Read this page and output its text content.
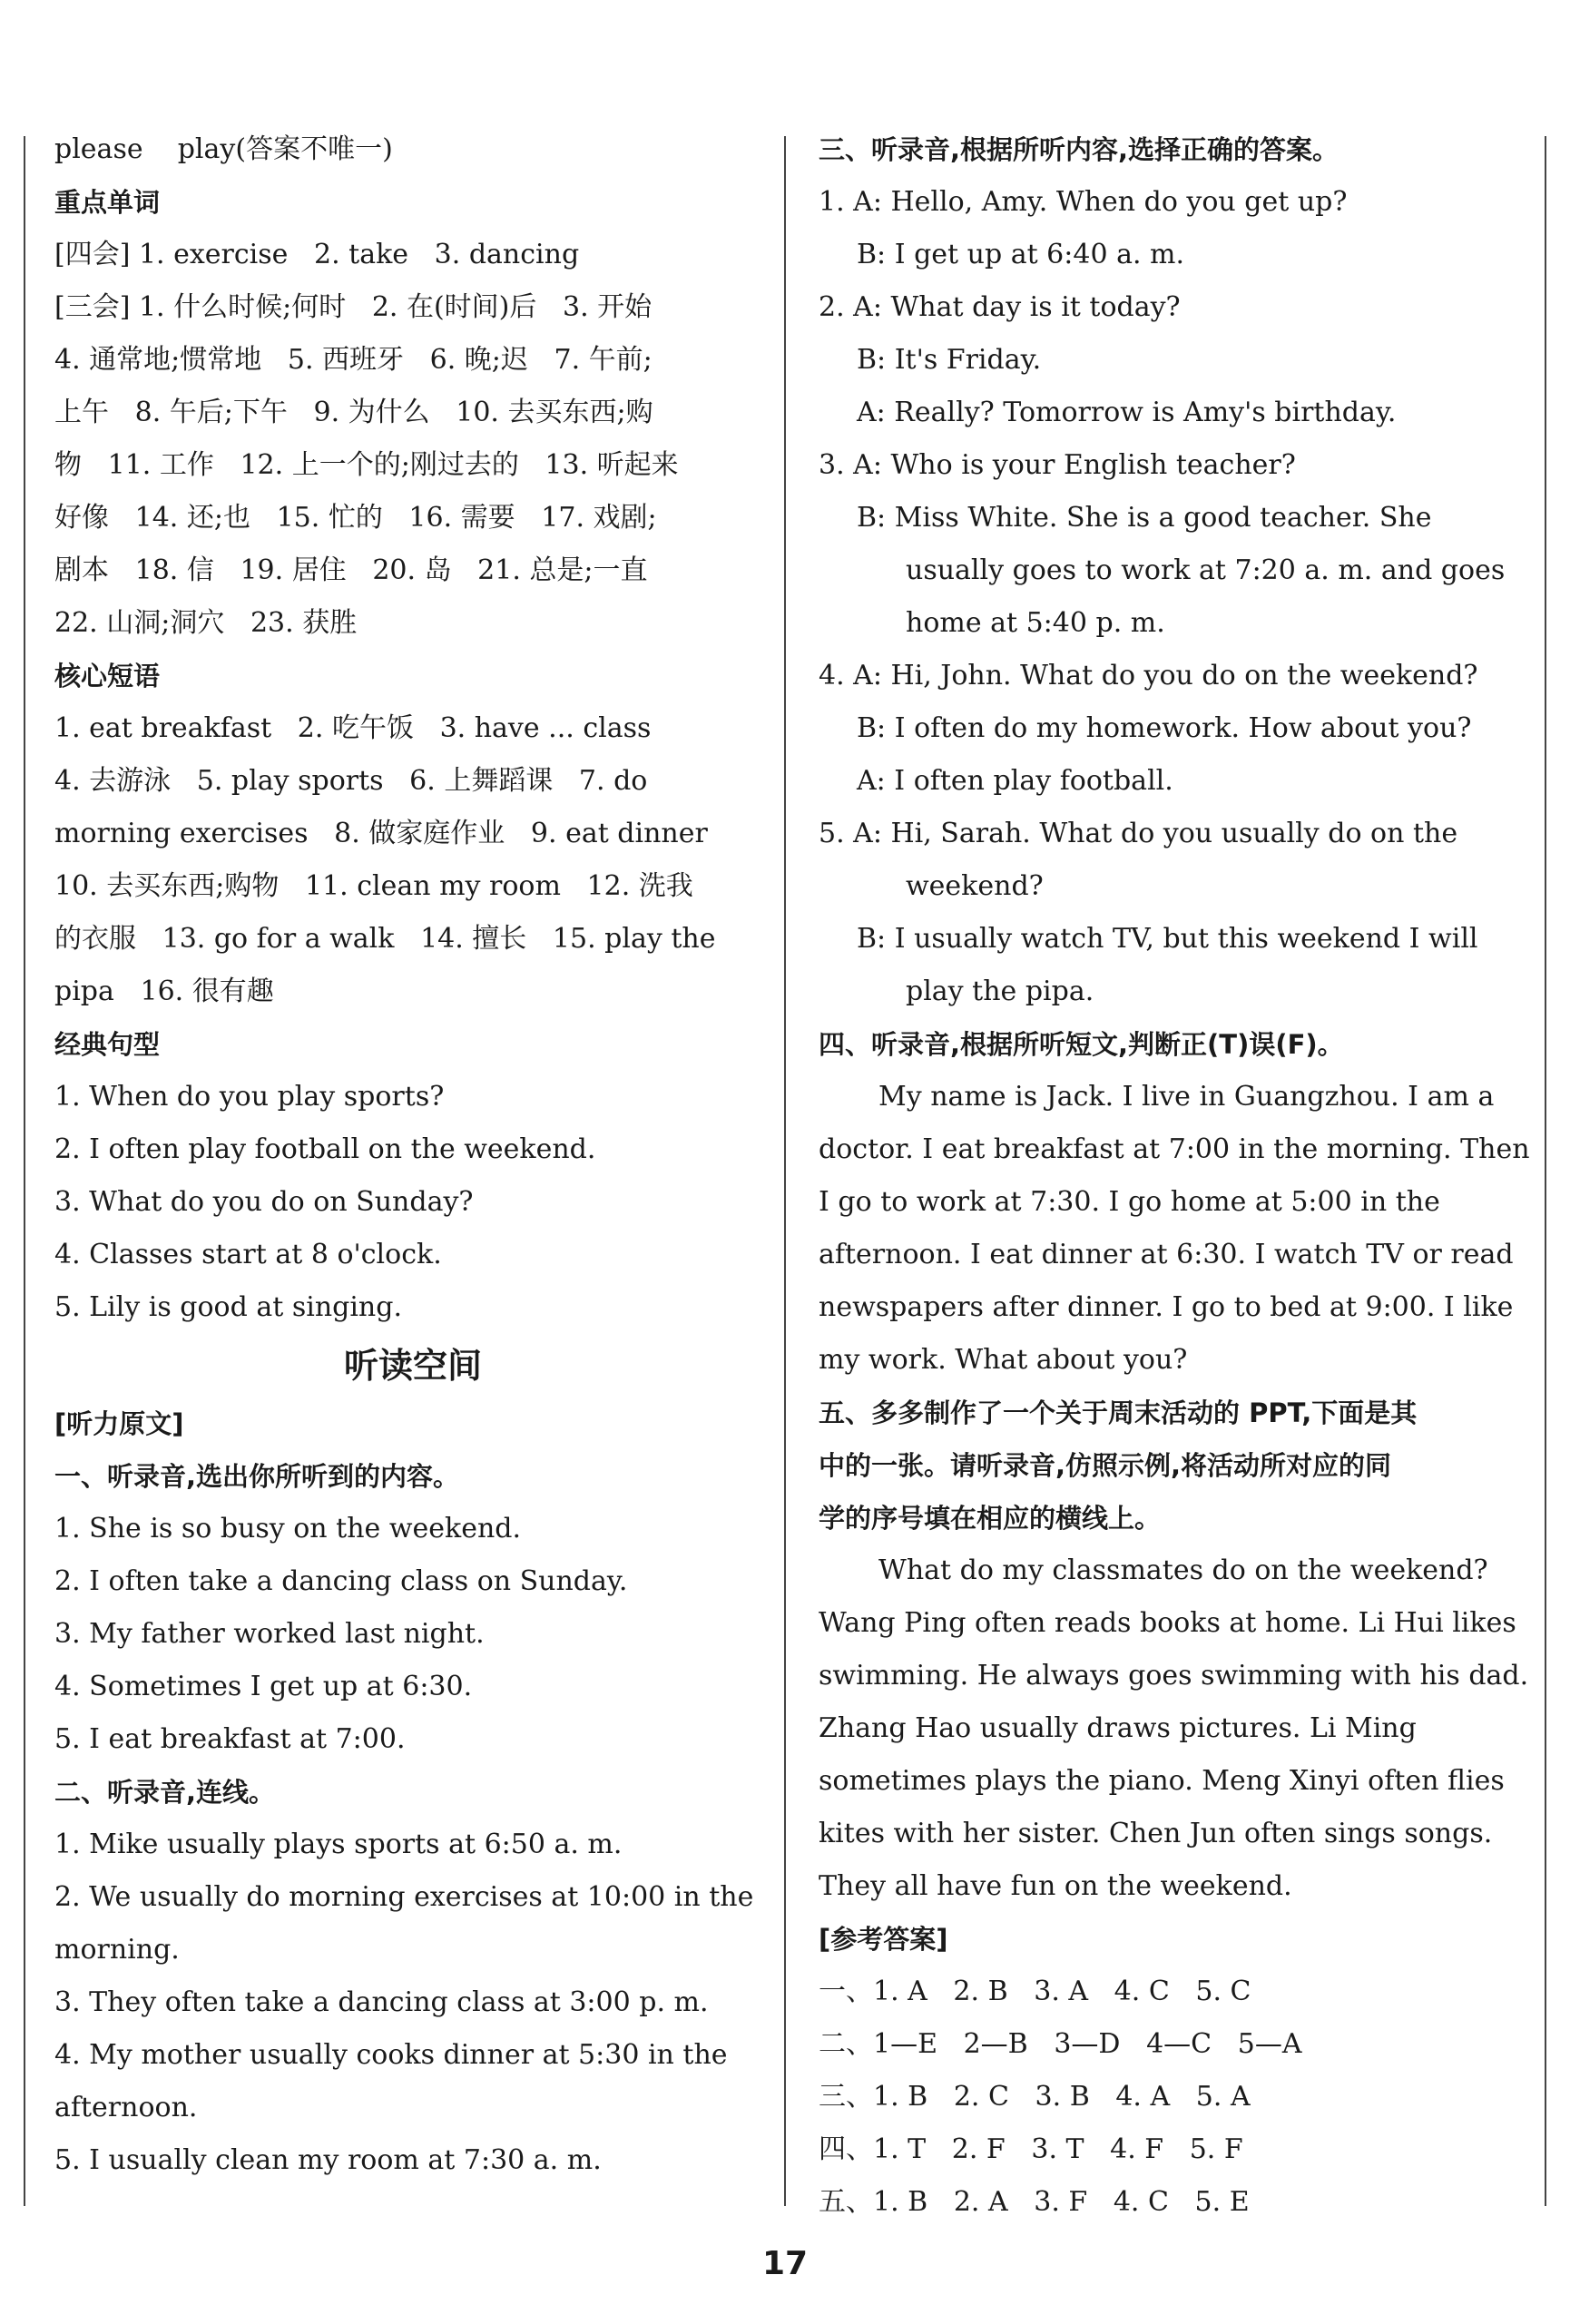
please    play(答案不唯一)
重点单词
[四会] 1. exercise   2. take   3. dancing
[三会] 1. 什么时候;何时   2. 在(时间)后   3. 开始
4. 通常地;惯常地   5. 西班牙   6. 晚;迟   7. 午前;
上午   8. 午后;下午   9. 为什么   10. 去买东西;购
物   11. 工作   12. 上一个的;刚过去的   13. 听起来
好像   14. 还;也   15. 忙的   16. 需要   17. 戏剧;
剧本   18. 信   19. 居住   20. 岛   21. 总是;一直
22. 山洞;洞穴   23. 获胜
核心短语
1. eat breakfast   2. 吃午饭   3. have ... class
4. 去游泳   5. play sports   6. 上舞蹈课   7. do
morning exercises   8. 做家庭作业   9. eat dinner
10. 去买东西;购物   11. clean my room   12. 洗我
的衣服   13. go for a walk   14. 擅长   15. play the
pipa   16. 很有趣
经典句型
1. When do you play sports?
2. I often play football on the weekend.
3. What do you do on Sunday?
4. Classes start at 8 o'clock.
5. Lily is good at singing.
听读空间
[听力原文]
一、听录音,选出你所听到的内容。
1. She is so busy on the weekend.
2. I often take a dancing class on Sunday.
3. My father worked last night.
4. Sometimes I get up at 6:30.
5. I eat breakfast at 7:00.
二、听录音,连线。
1. Mike usually plays sports at 6:50 a. m.
2. We usually do morning exercises at 10:00 in the
morning.
3. They often take a dancing class at 3:00 p. m.
4. My mother usually cooks dinner at 5:30 in the
afternoon.
5. I usually clean my room at 7:30 a. m.
三、听录音,根据所听内容,选择正确的答案。
1. A: Hello, Amy. When do you get up?
B: I get up at 6:40 a. m.
2. A: What day is it today?
B: It's Friday.
A: Really? Tomorrow is Amy's birthday.
3. A: Who is your English teacher?
B: Miss White. She is a good teacher. She
usually goes to work at 7:20 a. m. and goes
home at 5:40 p. m.
4. A: Hi, John. What do you do on the weekend?
B: I often do my homework. How about you?
A: I often play football.
5. A: Hi, Sarah. What do you usually do on the
weekend?
B: I usually watch TV, but this weekend I will
play the pipa.
四、听录音,根据所听短文,判断正(T)误(F)。
My name is Jack. I live in Guangzhou. I am a
doctor. I eat breakfast at 7:00 in the morning. Then
I go to work at 7:30. I go home at 5:00 in the
afternoon. I eat dinner at 6:30. I watch TV or read
newspapers after dinner. I go to bed at 9:00. I like
my work. What about you?
五、多多制作了一个关于周末活动的 PPT,下面是其
中的一张。请听录音,仿照示例,将活动所对应的同
学的序号填在相应的横线上。
What do my classmates do on the weekend?
Wang Ping often reads books at home. Li Hui likes
swimming. He always goes swimming with his dad.
Zhang Hao usually draws pictures. Li Ming
sometimes plays the piano. Meng Xinyi often flies
kites with her sister. Chen Jun often sings songs.
They all have fun on the weekend.
[参考答案]
一、1. A   2. B   3. A   4. C   5. C
二、1—E   2—B   3—D   4—C   5—A
三、1. B   2. C   3. B   4. A   5. A
四、1. T   2. F   3. T   4. F   5. F
五、1. B   2. A   3. F   4. C   5. E
17
